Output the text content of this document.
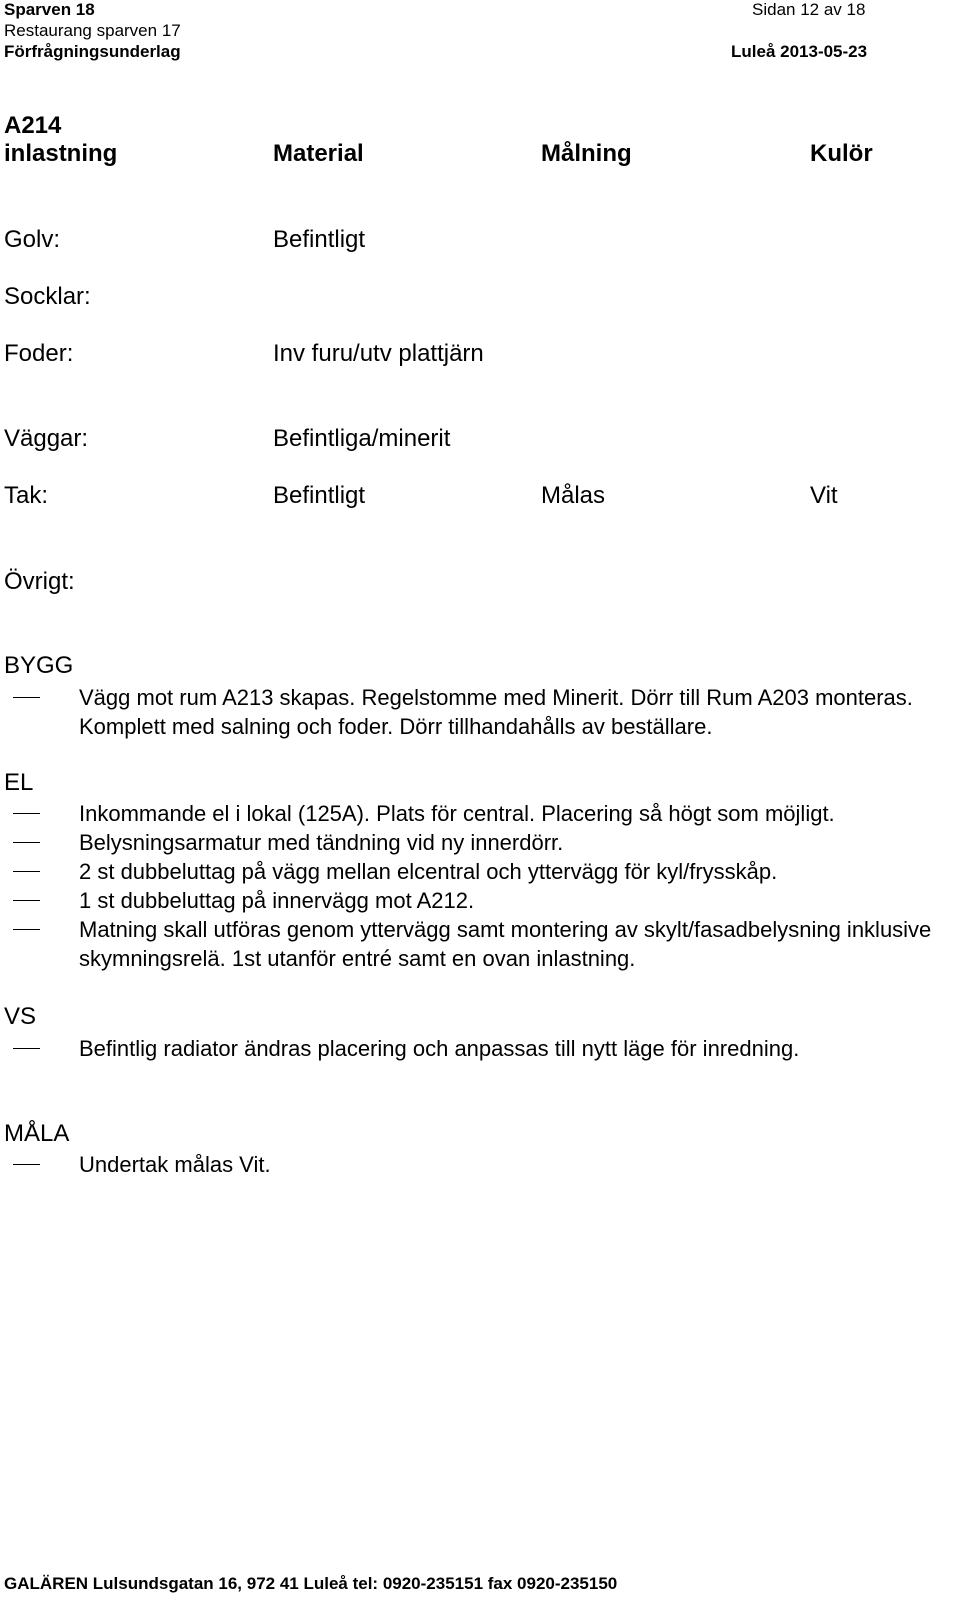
Sparven 18	Sidan 12 av 18
Restaurang sparven 17
Förfrågningsunderlag	Luleå 2013-05-23
A214
inlastning	Material	Målning	Kulör
Golv:	Befintligt
Socklar:
Foder:	Inv furu/utv plattjärn
Väggar:	Befintliga/minerit
Tak:	Befintligt	Målas	Vit
Övrigt:
BYGG
Vägg mot rum A213 skapas. Regelstomme med Minerit. Dörr till Rum A203 monteras. Komplett med salning och foder. Dörr tillhandahålls av beställare.
EL
Inkommande el i lokal (125A). Plats för central. Placering så högt som möjligt.
Belysningsarmatur med tändning vid ny innerdörr.
2 st dubbeluttag på vägg mellan elcentral och yttervägg för kyl/frysskåp.
1 st dubbeluttag på innervägg mot A212.
Matning skall utföras genom yttervägg samt montering av skylt/fasadbelysning inklusive skymningsrelä. 1st utanför entré samt en ovan inlastning.
VS
Befintlig radiator ändras placering och anpassas till nytt läge för inredning.
MÅLA
Undertak målas Vit.
GALÄREN Lulsundsgatan 16, 972 41 Luleå tel: 0920-235151 fax 0920-235150
